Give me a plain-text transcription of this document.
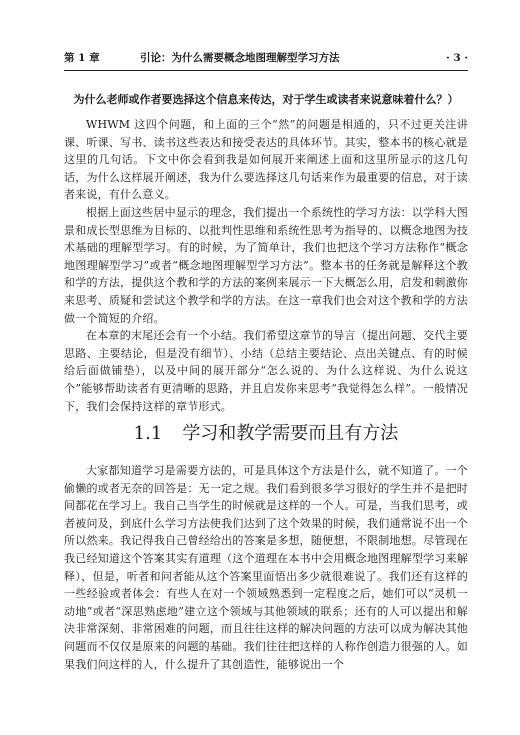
第 1 章	引论：为什么需要概念地图理解型学习方法	· 3 ·
为什么老师或作者要选择这个信息来传达，对于学生或读者来说意味着什么？）

WHWM 这四个问题，和上面的三个“然”的问题是相通的，只不过更关注讲课、听课、写书、读书这些表达和接受表达的具体环节。其实，整本书的核心就是这里的几句话。下文中你会看到我是如何展开来阐述上面和这里所显示的这几句话，为什么这样展开阐述，我为什么要选择这几句话来作为最重要的信息，对于读者来说，有什么意义。

根据上面这些居中显示的理念，我们提出一个系统性的学习方法：以学科大图景和成长型思维为目标的、以批判性思维和系统性思考为指导的、以概念地图为技术基础的理解型学习。有的时候，为了简单计，我们也把这个学习方法称作“概念地图理解型学习”或者“概念地图理解型学习方法”。整本书的任务就是解释这个教和学的方法，提供这个教和学的方法的案例来展示一下大概怎么用，启发和刺激你来思考、质疑和尝试这个教学和学的方法。在这一章我们也会对这个教和学的方法做一个简短的介绍。

在本章的末尾还会有一个小结。我们希望这章节的导言（提出问题、交代主要思路、主要结论，但是没有细节）、小结（总结主要结论、点出关键点、有的时候给后面做铺垫），以及中间的展开部分“怎么说的、为什么这样说、为什么说这个”能够帮助读者有更清晰的思路，并且启发你来思考“我觉得怎么样”。一般情况下，我们会保持这样的章节形式。

1.1 学习和教学需要而且有方法

大家都知道学习是需要方法的，可是具体这个方法是什么，就不知道了。一个偷懒的或者无奈的回答是：无一定之规。我们看到很多学习很好的学生并不是把时间都花在学习上。我自己当学生的时候就是这样的一个人。可是，当我们思考，或者被问及，到底什么学习方法使我们达到了这个效果的时候，我们通常说不出一个所以然来。我记得我自己曾经给出的答案是多想，随便想，不限制地想。尽管现在我已经知道这个答案其实有道理（这个道理在本书中会用概念地图理解型学习来解释），但是，听者和问者能从这个答案里面悟出多少就很难说了。我们还有这样的一些经验或者体会：有些人在对一个领域熟悉到一定程度之后，她们可以“灵机一动地”或者“深思熟虑地”建立这个领域与其他领域的联系；还有的人可以提出和解决非常深刻、非常困难的问题，而且往往这样的解决问题的方法可以成为解决其他问题而不仅仅是原来的问题的基础。我们往往把这样的人称作创造力很强的人。如果我们问这样的人，什么提升了其创造性，能够说出一个
